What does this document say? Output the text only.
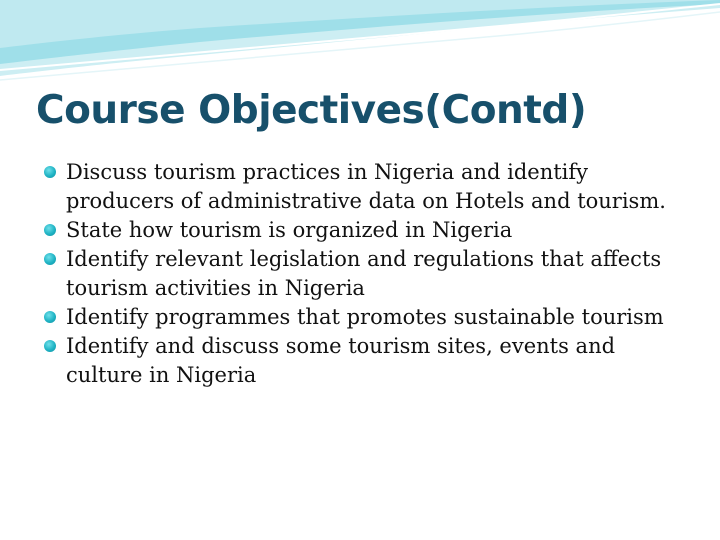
Course Objectives(Contd)
Discuss tourism practices in Nigeria and identify producers of administrative data on Hotels and tourism.
State how tourism is organized in Nigeria
Identify relevant legislation and regulations that affects tourism activities in Nigeria
Identify programmes that promotes sustainable tourism
Identify and discuss some tourism sites, events and culture in Nigeria
